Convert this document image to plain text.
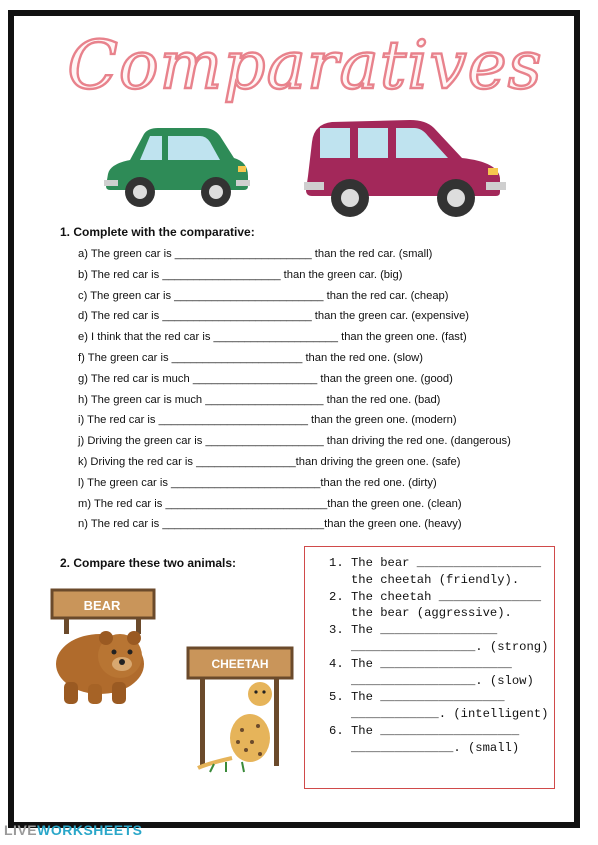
Comparatives
1. Complete with the comparative:
a) The green car is ______________________ than the red car. (small)
b) The red car is ___________________ than the green car. (big)
c) The green car is ________________________ than the red car. (cheap)
d) The red car is ________________________ than the green car. (expensive)
e) I think that the red car is ____________________ than the green one. (fast)
f) The green car is _____________________ than the red one. (slow)
g) The red car is much ____________________ than the green one. (good)
h) The green car is much ___________________ than the red one. (bad)
i) The red car is ________________________ than the green one. (modern)
j) Driving the green car is ___________________ than driving the red one. (dangerous)
k) Driving the red car is ________________than driving the green one. (safe)
l) The green car is ________________________than the red one. (dirty)
m) The red car is __________________________than the green one. (clean)
n) The red car is __________________________than the green one. (heavy)
2. Compare these two animals:
BEAR
CHEETAH
1. The bear _________________
the cheetah (friendly).
2. The cheetah ______________
the bear (aggressive).
3. The ________________
_________________. (strong)
4. The __________________
_________________. (slow)
5. The _________________
____________. (intelligent)
6. The ___________________
______________. (small)
LIVEWORKSHEETS
